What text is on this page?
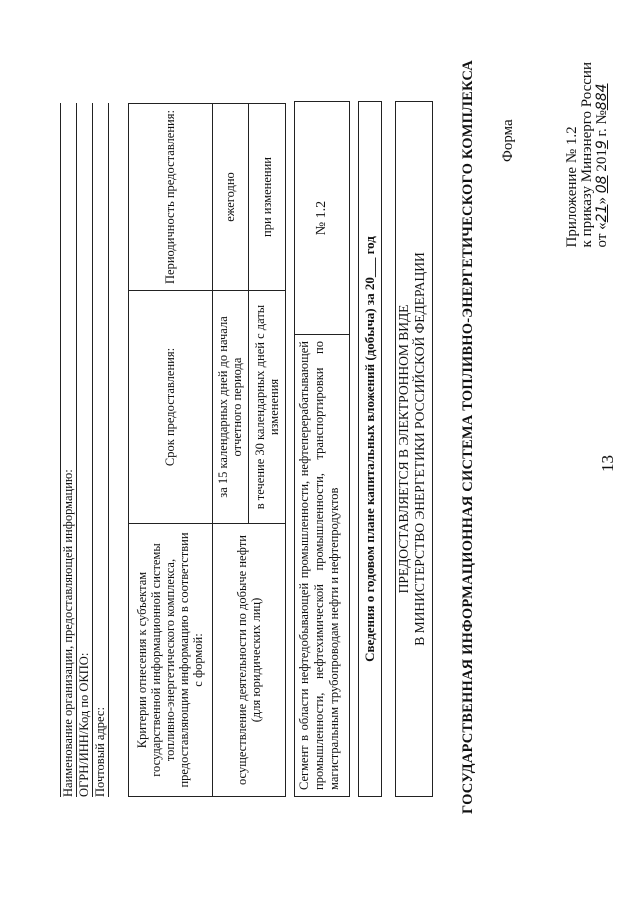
13
Приложение № 1.2 к приказу Минэнерго России от «21» 08 2019 г. №884
Форма
ГОСУДАРСТВЕННАЯ ИНФОРМАЦИОННАЯ СИСТЕМА ТОПЛИВНО-ЭНЕРГЕТИЧЕСКОГО КОМПЛЕКСА
ПРЕДОСТАВЛЯЕТСЯ В ЭЛЕКТРОННОМ ВИДЕ В МИНИСТЕРСТВО ЭНЕРГЕТИКИ РОССИЙСКОЙ ФЕДЕРАЦИИ
Сведения о годовом плане капитальных вложений (добыча) за 20___ год
Сегмент в области нефтедобывающей промышленности, нефтеперерабатывающей промышленности, нефтехимической промышленности, транспортировки по магистральным трубопроводам нефти и нефтепродуктов
№ 1.2
Критерии отнесения к субъектам государственной информационной системы топливно-энергетического комплекса, предоставляющим информацию в соответствии с формой:	Срок предоставления:	Периодичность предоставления:
осуществление деятельности по добыче нефти (для юридических лиц)	за 15 календарных дней до начала отчетного периода	ежегодно
	в течение 30 календарных дней с даты изменения	при изменении
Наименование организации, предоставляющей информацию: ОГРН/ИНН/Код по ОКПО: Почтовый адрес:
